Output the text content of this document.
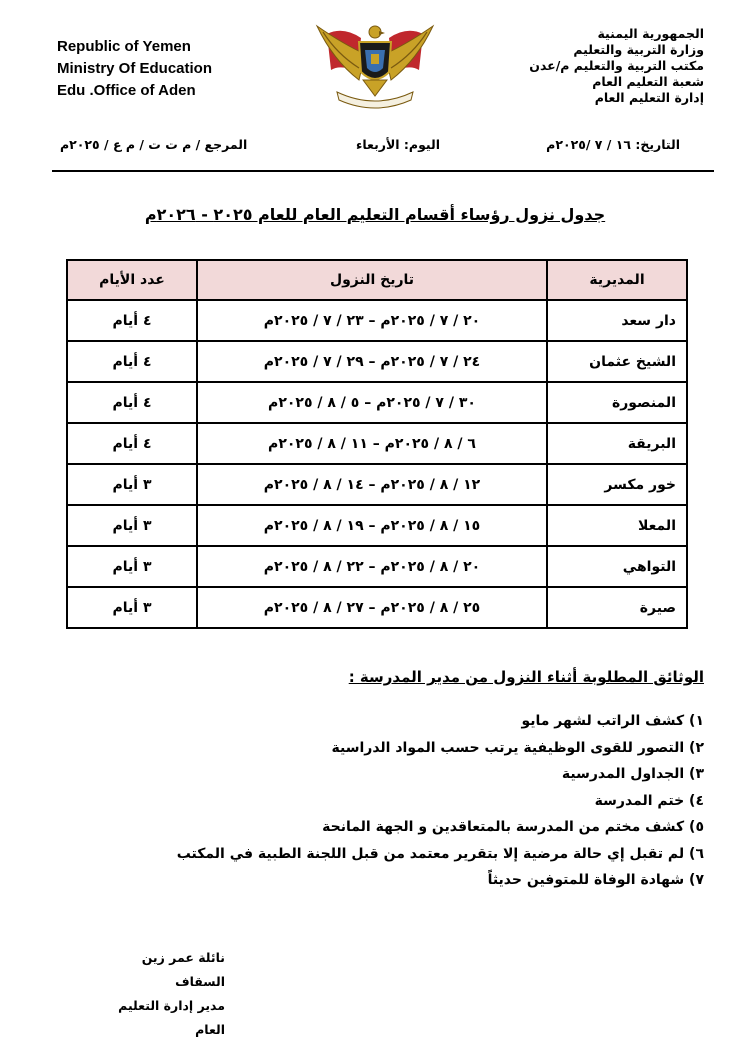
Republic of Yemen
Ministry Of Education
Edu .Office of Aden
الجمهورية اليمنية
وزارة التربية والتعليم
مكتب التربية والتعليم م/عدن
شعبة التعليم العام
إدارة التعليم العام
التاريخ: ١٦ / ٧ /٢٠٢٥م
اليوم: الأربعاء
المرجع / م ت ت / م ع / ٢٠٢٥م
جدول نزول رؤساء أقسام التعليم العام للعام ٢٠٢٥ - ٢٠٢٦م
المديرية	تاريخ النزول	عدد الأيام
دار سعد	٢٠ / ٧ / ٢٠٢٥م – ٢٣ / ٧ / ٢٠٢٥م	٤ أيام
الشيخ عثمان	٢٤ / ٧ / ٢٠٢٥م – ٢٩ / ٧ / ٢٠٢٥م	٤ أيام
المنصورة	٣٠ / ٧ / ٢٠٢٥م – ٥ / ٨ / ٢٠٢٥م	٤ أيام
البريقة	٦ / ٨ / ٢٠٢٥م – ١١ / ٨ / ٢٠٢٥م	٤ أيام
خور مكسر	١٢ / ٨ / ٢٠٢٥م – ١٤ / ٨ / ٢٠٢٥م	٣ أيام
المعلا	١٥ / ٨ / ٢٠٢٥م – ١٩ / ٨ / ٢٠٢٥م	٣ أيام
التواهي	٢٠ / ٨ / ٢٠٢٥م – ٢٢ / ٨ / ٢٠٢٥م	٣ أيام
صيرة	٢٥ / ٨ / ٢٠٢٥م – ٢٧ / ٨ / ٢٠٢٥م	٣ أيام
الوثائق المطلوبة أثناء النزول من مدير المدرسة :
١) كشف الراتب لشهر مايو
٢) التصور للقوى الوظيفية يرتب حسب المواد الدراسية
٣) الجداول المدرسية
٤) ختم المدرسة
٥) كشف مختم من المدرسة بالمتعاقدين و الجهة المانحة
٦) لم تقبل إي حالة مرضية إلا بتقرير معتمد من قبل اللجنة الطبية في المكتب
٧) شهادة الوفاة للمتوفين حديثاً
نائلة عمر زين السقاف
مدير إدارة التعليم العام
